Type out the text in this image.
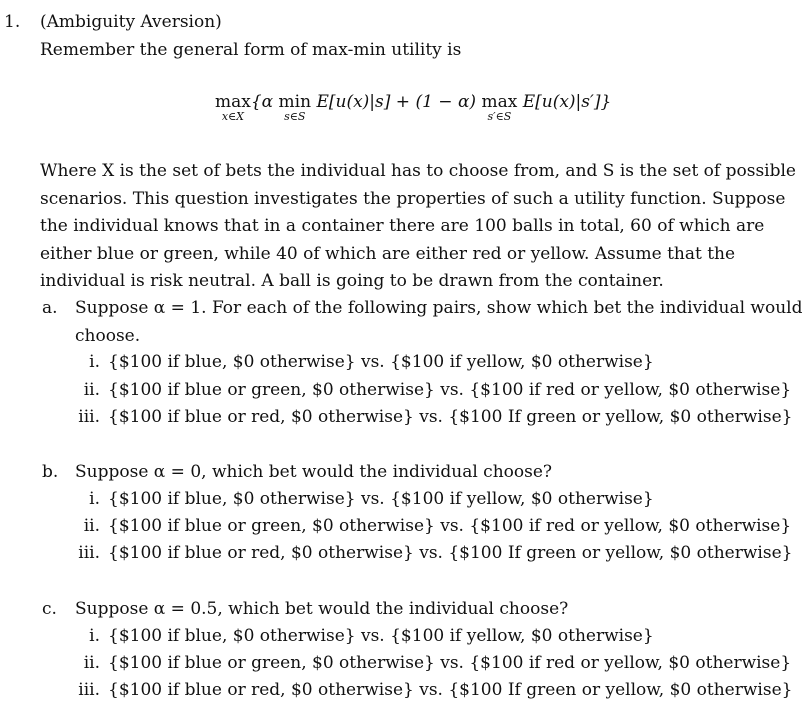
1. (Ambiguity Aversion)
Remember the general form of max-min utility is
max
x∈X
{α min
s∈S
E[u(x)|s] + (1 − α) max
s′∈S
E[u(x)|s′]}
Where X is the set of bets the individual has to choose from, and S is the set of possible
scenarios. This question investigates the properties of such a utility function. Suppose
the individual knows that in a container there are 100 balls in total, 60 of which are
either blue or green, while 40 of which are either red or yellow. Assume that the
individual is risk neutral. A ball is going to be drawn from the container.
a. Suppose α = 1. For each of the following pairs, show which bet the individual would
choose.
i. {$100 if blue, $0 otherwise} vs. {$100 if yellow, $0 otherwise}
ii. {$100 if blue or green, $0 otherwise} vs. {$100 if red or yellow, $0 otherwise}
iii. {$100 if blue or red, $0 otherwise} vs. {$100 If green or yellow, $0 otherwise}
b. Suppose α = 0, which bet would the individual choose?
i. {$100 if blue, $0 otherwise} vs. {$100 if yellow, $0 otherwise}
ii. {$100 if blue or green, $0 otherwise} vs. {$100 if red or yellow, $0 otherwise}
iii. {$100 if blue or red, $0 otherwise} vs. {$100 If green or yellow, $0 otherwise}
c. Suppose α = 0.5, which bet would the individual choose?
i. {$100 if blue, $0 otherwise} vs. {$100 if yellow, $0 otherwise}
ii. {$100 if blue or green, $0 otherwise} vs. {$100 if red or yellow, $0 otherwise}
iii. {$100 if blue or red, $0 otherwise} vs. {$100 If green or yellow, $0 otherwise}
